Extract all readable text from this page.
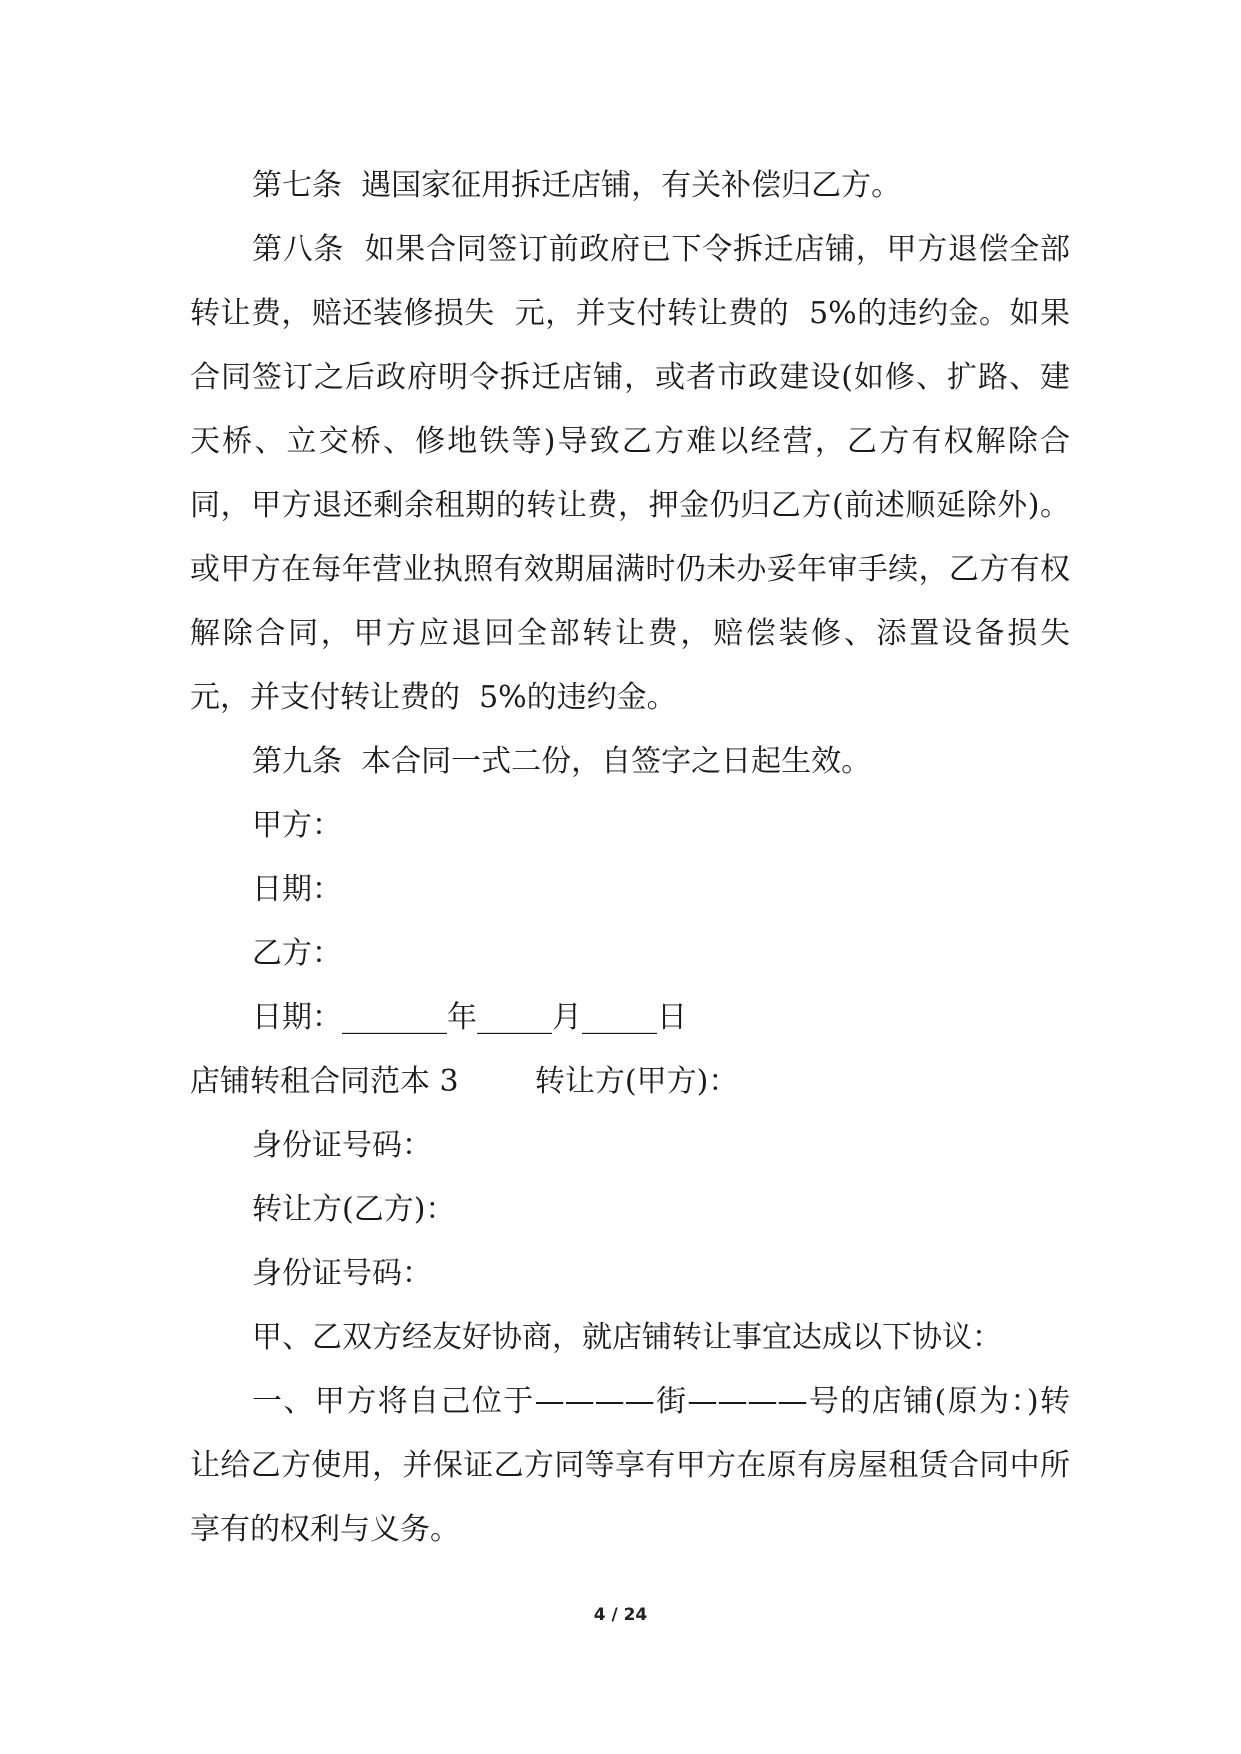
第七条  遇国家征用拆迁店铺，有关补偿归乙方。

第八条  如果合同签订前政府已下令拆迁店铺，甲方退偿全部转让费，赔还装修损失  元，并支付转让费的  5%的违约金。如果合同签订之后政府明令拆迁店铺，或者市政建设(如修、扩路、建天桥、立交桥、修地铁等)导致乙方难以经营，乙方有权解除合同，甲方退还剩余租期的转让费，押金仍归乙方(前述顺延除外)。或甲方在每年营业执照有效期届满时仍未办妥年审手续，乙方有权解除合同，甲方应退回全部转让费，赔偿装修、添置设备损失  元，并支付转让费的  5%的违约金。

第九条  本合同一式二份，自签字之日起生效。

甲方：

日期：

乙方：

日期：_______年_____月_____日

店铺转租合同范本 3        转让方(甲方)：

身份证号码：

转让方(乙方)：

身份证号码：

甲、乙双方经友好协商，就店铺转让事宜达成以下协议：

一、甲方将自己位于————街————号的店铺(原为：)转让给乙方使用，并保证乙方同等享有甲方在原有房屋租赁合同中所享有的权利与义务。

4 / 24
